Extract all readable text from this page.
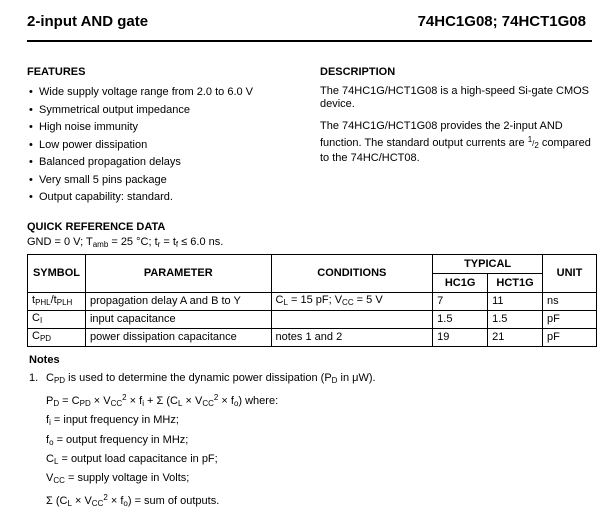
2-input AND gate	74HC1G08; 74HCT1G08
FEATURES
• Wide supply voltage range from 2.0 to 6.0 V
• Symmetrical output impedance
• High noise immunity
• Low power dissipation
• Balanced propagation delays
• Very small 5 pins package
• Output capability: standard.
DESCRIPTION

The 74HC1G/HCT1G08 is a high-speed Si-gate CMOS device.

The 74HC1G/HCT1G08 provides the 2-input AND function. The standard output currents are $^1/_2$ compared to the 74HC/HCT08.

QUICK REFERENCE DATA
GND = 0 V; $T_{amb} = 25$ °C; $t_r = t_f \le 6.0$ ns.
SYMBOL	PARAMETER	CONDITIONS	TYPICAL		UNIT
			HC1G	HCT1G	
$t_{PHL}/t_{PLH}$	propagation delay A and B to Y	$C_L = 15$ pF; $V_{CC} = 5$ V	7	11	ns
$C_I$	input capacitance		1.5	1.5	pF
$C_{PD}$	power dissipation capacitance	notes 1 and 2	19	21	pF
Notes
1. $C_{PD}$ is used to determine the dynamic power dissipation ($P_D$ in μW).
$P_D = C_{PD} \times V_{CC}^2 \times f_i + \Sigma$ $(C_L \times V_{CC}^2 \times f_o)$ where:
$f_i$ = input frequency in MHz;
$f_o$ = output frequency in MHz;
$C_L$ = output load capacitance in pF;
$V_{CC}$ = supply voltage in Volts;
Σ $(C_L \times V_{CC}^2 \times f_o)$ = sum of outputs.
